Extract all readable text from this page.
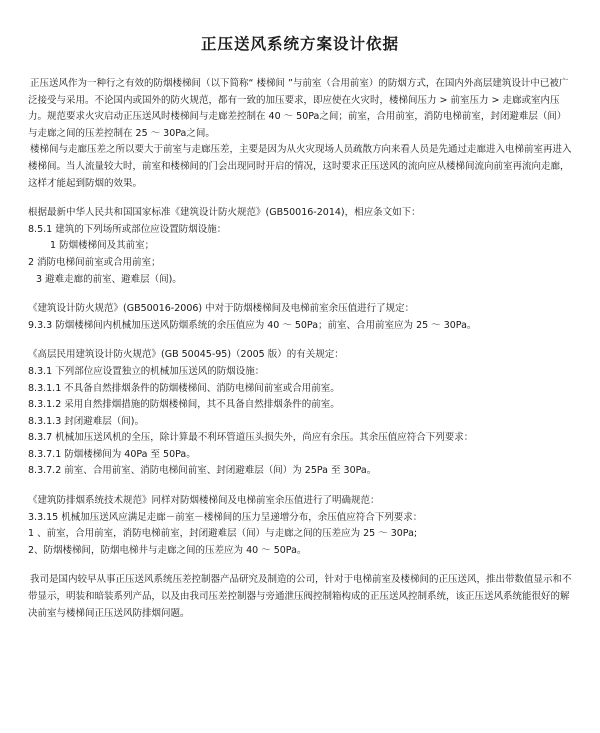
正压送风系统方案设计依据

正压送风作为一种行之有效的防烟楼梯间（以下简称“ 楼梯间 ”与前室（合用前室）的防烟方式，在国内外高层建筑设计中已被广泛接受与采用。不论国内或国外的防火规范，都有一致的加压要求，即应使在火灾时，楼梯间压力 > 前室压力 > 走廊或室内压力。规范要求火灾启动正压送风时楼梯间与走廊差控制在 40 ～ 50Pa之间；前室，合用前室，消防电梯前室，封闭避难层（间）与走廊之间的压差控制在 25 ～ 30Pa之间。

楼梯间与走廊压差之所以要大于前室与走廊压差，主要是因为从火灾现场人员疏散方向来看人员是先通过走廊进入电梯前室再进入楼梯间。当人流量较大时，前室和楼梯间的门会出现同时开启的情况，这时要求正压送风的流向应从楼梯间流向前室再流向走廊，这样才能起到防烟的效果。

根据最新中华人民共和国国家标准《建筑设计防火规范》(GB50016-2014)，相应条文如下：

8.5.1 建筑的下列场所或部位应设置防烟设施：

1 防烟楼梯间及其前室；

2 消防电梯间前室或合用前室；

3 避难走廊的前室、避难层（间)。

《建筑设计防火规范》(GB50016-2006) 中对于防烟楼梯间及电梯前室余压值进行了规定：

9.3.3 防烟楼梯间内机械加压送风防烟系统的余压值应为 40 ～ 50Pa；前室、合用前室应为 25 ～ 30Pa。

《高层民用建筑设计防火规范》(GB 50045-95)（2005 版）的有关规定：

8.3.1 下列部位应设置独立的机械加压送风的防烟设施：

8.3.1.1 不具备自然排烟条件的防烟楼梯间、消防电梯间前室或合用前室。

8.3.1.2 采用自然排烟措施的防烟楼梯间，其不具备自然排烟条件的前室。

8.3.1.3 封闭避难层（间)。

8.3.7 机械加压送风机的全压，除计算最不利环管道压头损失外，尚应有余压。其余压值应符合下列要求：

8.3.7.1 防烟楼梯间为 40Pa 至 50Pa。

8.3.7.2 前室、合用前室、消防电梯间前室、封闭避难层（间）为 25Pa 至 30Pa。

《建筑防排烟系统技术规范》同样对防烟楼梯间及电梯前室余压值进行了明确规范：

3.3.15 机械加压送风应满足走廊－前室－楼梯间的压力呈递增分布，余压值应符合下列要求：

1 、前室，合用前室，消防电梯前室，封闭避难层（间）与走廊之间的压差应为 25 ～ 30Pa;

2、防烟楼梯间，防烟电梯井与走廊之间的压差应为 40 ～ 50Pa。

我司是国内较早从事正压送风系统压差控制器产品研究及制造的公司，针对于电梯前室及楼梯间的正压送风，推出带数值显示和不带显示，明装和暗装系列产品，以及由我司压差控制器与旁通泄压阀控制箱构成的正压送风控制系统，该正压送风系统能很好的解决前室与楼梯间正压送风防排烟问题。
